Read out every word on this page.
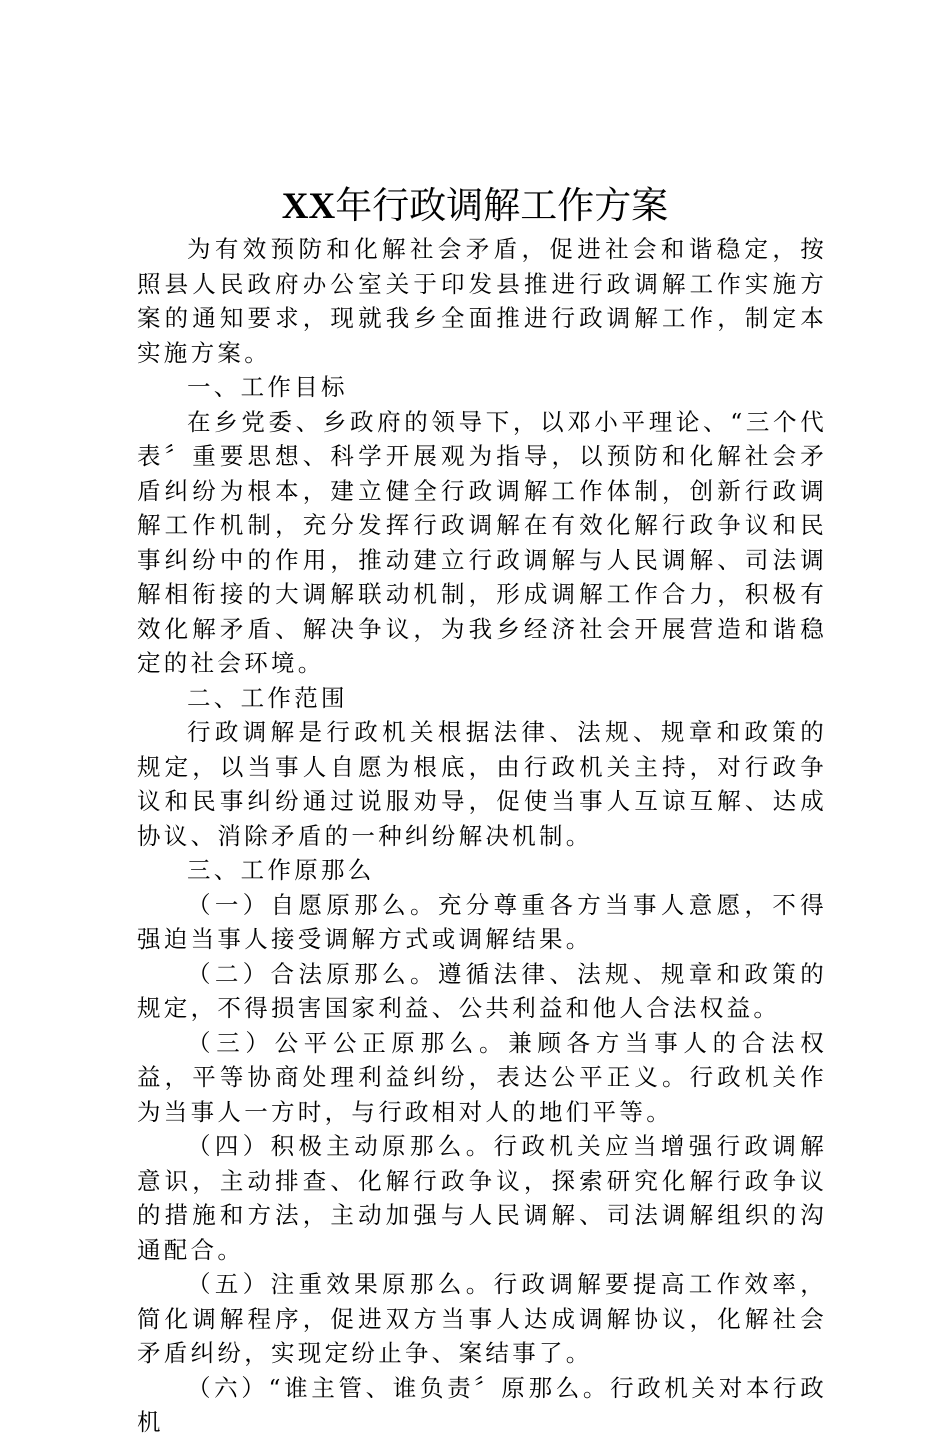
XX年行政调解工作方案

为有效预防和化解社会矛盾，促进社会和谐稳定，按照县人民政府办公室关于印发县推进行政调解工作实施方案的通知要求，现就我乡全面推进行政调解工作，制定本实施方案。

一、工作目标

在乡党委、乡政府的领导下，以邓小平理论、“三个代表〞重要思想、科学开展观为指导，以预防和化解社会矛盾纠纷为根本，建立健全行政调解工作体制，创新行政调解工作机制，充分发挥行政调解在有效化解行政争议和民事纠纷中的作用，推动建立行政调解与人民调解、司法调解相衔接的大调解联动机制，形成调解工作合力，积极有效化解矛盾、解决争议，为我乡经济社会开展营造和谐稳定的社会环境。

二、工作范围

行政调解是行政机关根据法律、法规、规章和政策的规定，以当事人自愿为根底，由行政机关主持，对行政争议和民事纠纷通过说服劝导，促使当事人互谅互解、达成协议、消除矛盾的一种纠纷解决机制。

三、工作原那么

（一）自愿原那么。充分尊重各方当事人意愿，不得强迫当事人接受调解方式或调解结果。

（二）合法原那么。遵循法律、法规、规章和政策的规定，不得损害国家利益、公共利益和他人合法权益。

（三）公平公正原那么。兼顾各方当事人的合法权益，平等协商处理利益纠纷，表达公平正义。行政机关作为当事人一方时，与行政相对人的地们平等。

（四）积极主动原那么。行政机关应当增强行政调解意识，主动排查、化解行政争议，探索研究化解行政争议的措施和方法，主动加强与人民调解、司法调解组织的沟通配合。

（五）注重效果原那么。行政调解要提高工作效率，简化调解程序，促进双方当事人达成调解协议，化解社会矛盾纠纷，实现定纷止争、案结事了。

（六）“谁主管、谁负责〞原那么。行政机关对本行政机
